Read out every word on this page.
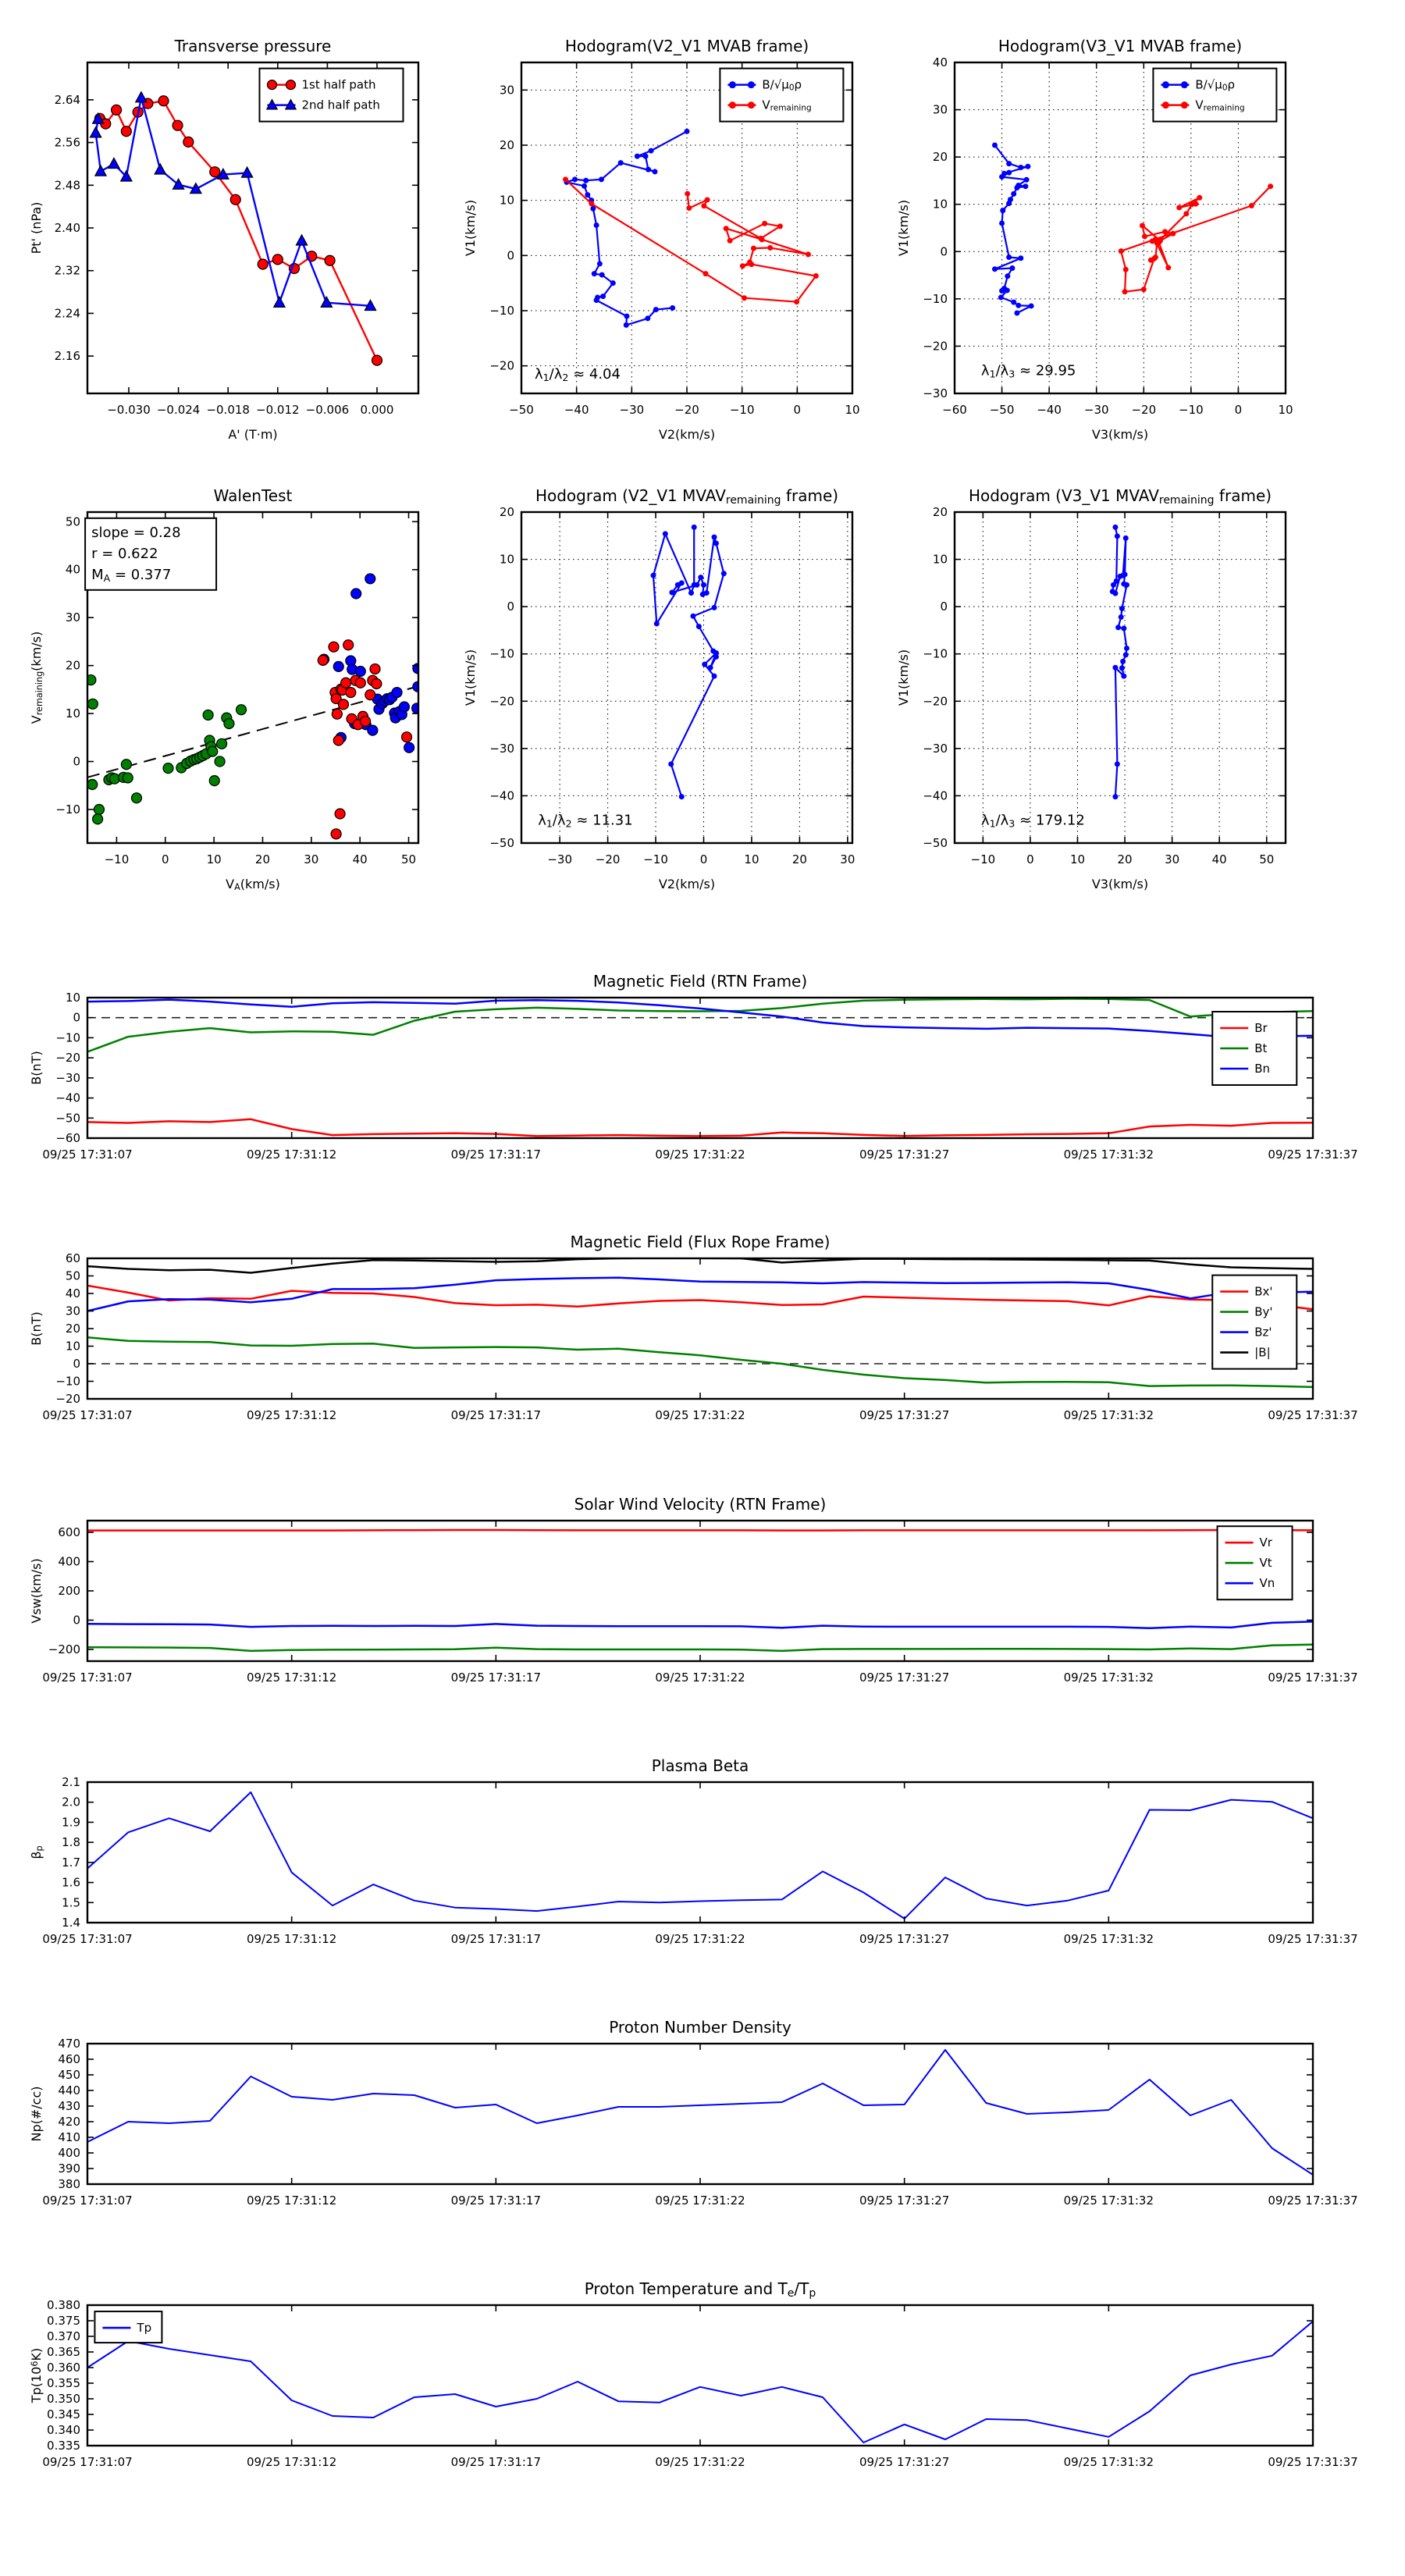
−0.030 −0.024 −0.018 −0.012 −0.006 0.000
2.16
2.24
2.32
2.40
2.48
2.56
2.64
Transverse pressure
A' (T·m)
Pt' (nPa)
1st half path
2nd half path
−50	−40	−30	−20	−10	0	10
−20
−10
0
10
20
30
Hodogram(V2_V1 MVAB frame)
V2(km/s)
V1(km/s)
B/√μ0ρ
Vremaining
λ1/λ2 ≈ 4.04
−60 −50 −40 −30 −20 −10	0	10
−30
−20
−10
0
10
20
30
40
Hodogram(V3_V1 MVAB frame)
V3(km/s)
V1(km/s)
B/√μ0ρ
Vremaining
λ1/λ3 ≈ 29.95
−10	0	10	20	30	40	50
−10
0
10
20
30
40
50
WalenTest
VA(km/s)
Vremaining(km/s)
slope = 0.28
r = 0.622
MA = 0.377
−30 −20 −10	0	10	20	30
−50
−40
−30
−20
−10
0
10
20
Hodogram (V2_V1 MVAVremaining frame)
V2(km/s)
V1(km/s)
λ1/λ2 ≈ 11.31
−10	0	10	20	30	40	50
−50
−40
−30
−20
−10
0
10
20
Hodogram (V3_V1 MVAVremaining frame)
V3(km/s)
V1(km/s)
λ1/λ3 ≈ 179.12
09/25 17:31:07	09/25 17:31:12	09/25 17:31:17	09/25 17:31:22	09/25 17:31:27	09/25 17:31:32	09/25 17:31:37
−60
−50
−40
−30
−20
−10
0
10
Magnetic Field (RTN Frame)
B(nT)
Br
Bt
Bn
09/25 17:31:07	09/25 17:31:12	09/25 17:31:17	09/25 17:31:22	09/25 17:31:27	09/25 17:31:32	09/25 17:31:37
−20
−10
0
10
20
30
40
50
60
Magnetic Field (Flux Rope Frame)
B(nT)
Bx'
By'
Bz'
|B|
09/25 17:31:07	09/25 17:31:12	09/25 17:31:17	09/25 17:31:22	09/25 17:31:27	09/25 17:31:32	09/25 17:31:37
−200
0
200
400
600
Solar Wind Velocity (RTN Frame)
Vsw(km/s)
Vr
Vt
Vn
09/25 17:31:07	09/25 17:31:12	09/25 17:31:17	09/25 17:31:22	09/25 17:31:27	09/25 17:31:32	09/25 17:31:37
1.4
1.5
1.6
1.7
1.8
1.9
2.0
2.1
Plasma Beta
βp
09/25 17:31:07	09/25 17:31:12	09/25 17:31:17	09/25 17:31:22	09/25 17:31:27	09/25 17:31:32	09/25 17:31:37
380
390
400
410
420
430
440
450
460
470
Proton Number Density
Np(#/cc)
09/25 17:31:07	09/25 17:31:12	09/25 17:31:17	09/25 17:31:22	09/25 17:31:27	09/25 17:31:32	09/25 17:31:37
0.335
0.340
0.345
0.350
0.355
0.360
0.365
0.370
0.375
0.380
Proton Temperature and Te/Tp
Tp(106K)
Tp
